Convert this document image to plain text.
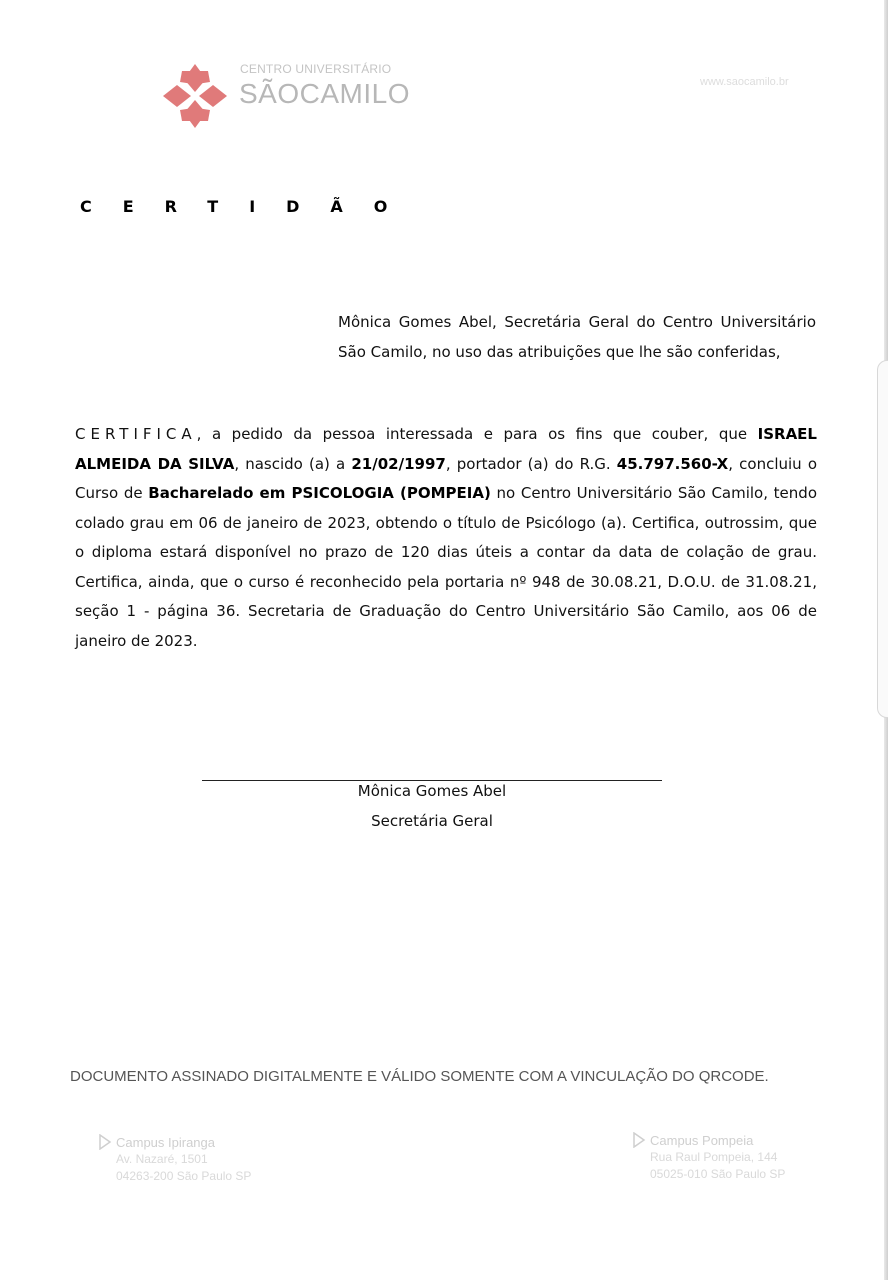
CENTRO UNIVERSITÁRIO
SÃOCAMILO	www.saocamilo.br
CERTIDÃO
Mônica Gomes Abel, Secretária Geral do Centro Universitário São Camilo, no uso das atribuições que lhe são conferidas,
CERTIFICA, a pedido da pessoa interessada e para os fins que couber, que ISRAEL ALMEIDA DA SILVA, nascido (a) a 21/02/1997, portador (a) do R.G. 45.797.560-X, concluiu o Curso de Bacharelado em PSICOLOGIA (POMPEIA) no Centro Universitário São Camilo, tendo colado grau em 06 de janeiro de 2023, obtendo o título de Psicólogo (a). Certifica, outrossim, que o diploma estará disponível no prazo de 120 dias úteis a contar da data de colação de grau. Certifica, ainda, que o curso é reconhecido pela portaria nº 948 de 30.08.21, D.O.U. de 31.08.21, seção 1 - página 36. Secretaria de Graduação do Centro Universitário São Camilo, aos 06 de janeiro de 2023.
Mônica Gomes Abel
Secretária Geral
DOCUMENTO ASSINADO DIGITALMENTE E VÁLIDO SOMENTE COM A VINCULAÇÃO DO QRCODE.
Campus Ipiranga
Av. Nazaré, 1501
04263-200 São Paulo SP
Campus Pompeia
Rua Raul Pompeia, 144
05025-010 São Paulo SP
